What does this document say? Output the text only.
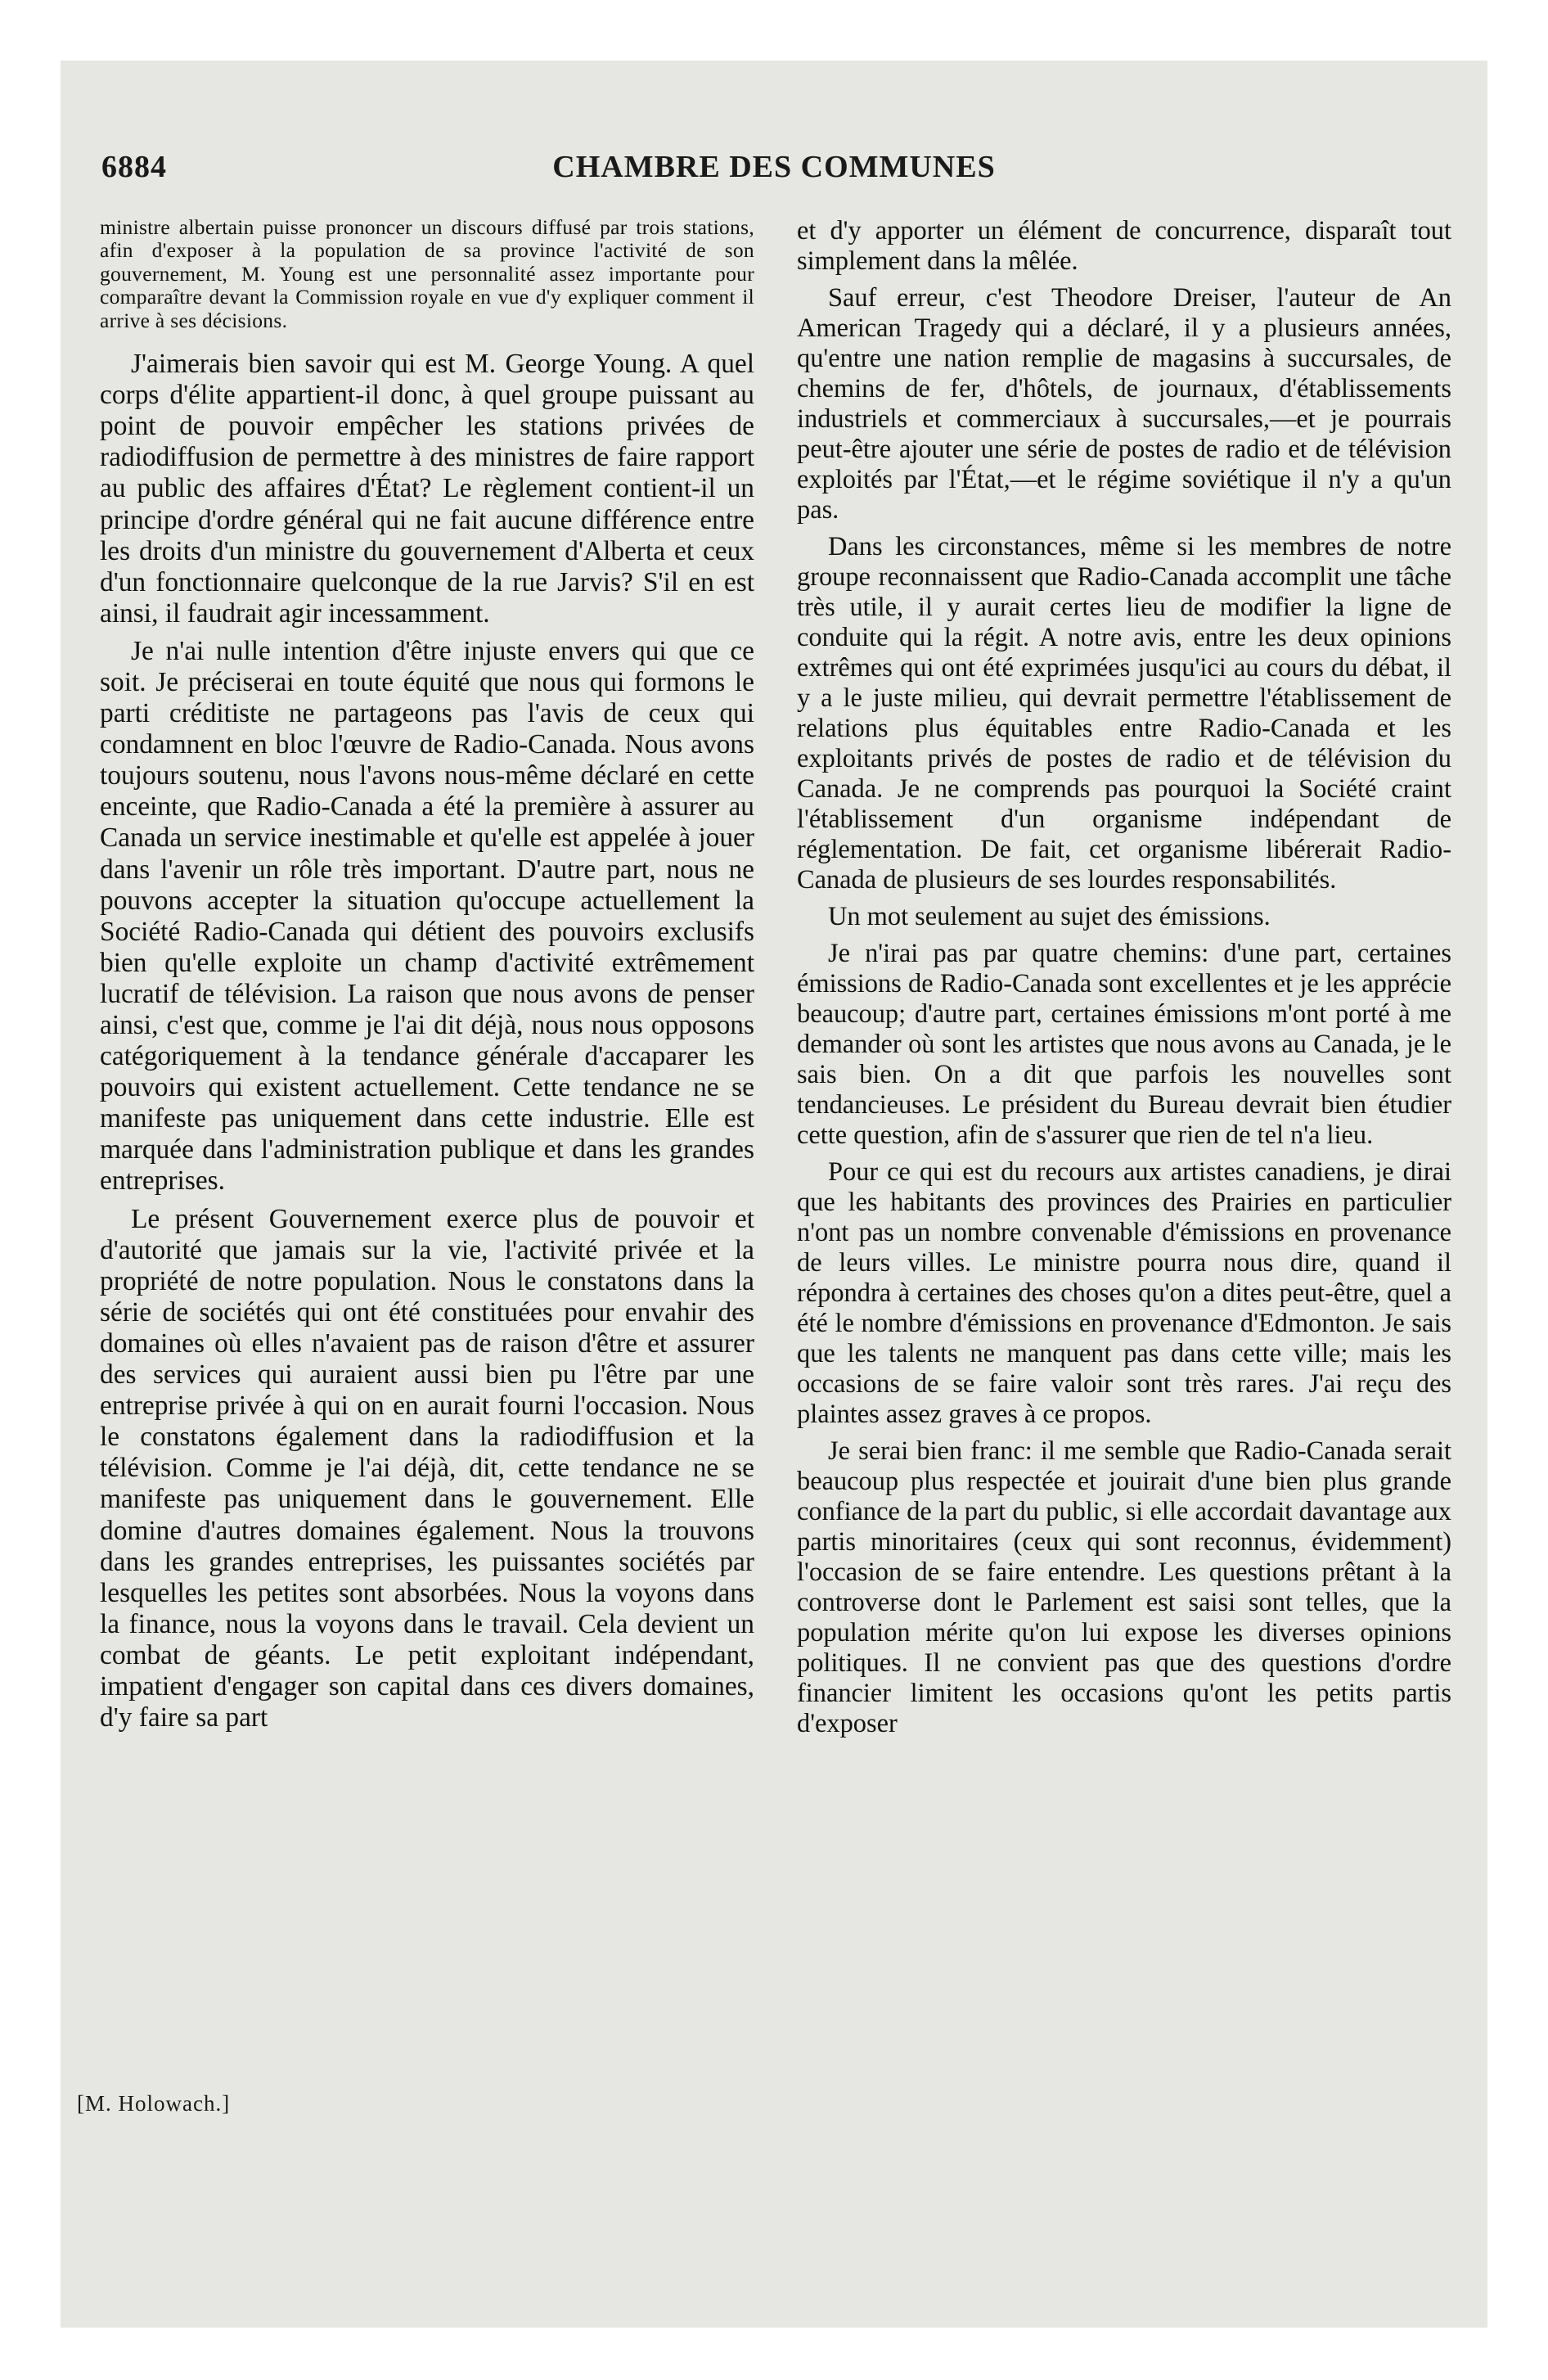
6884	CHAMBRE DES COMMUNES

ministre albertain puisse prononcer un discours diffusé par trois stations, afin d'exposer à la population de sa province l'activité de son gouvernement, M. Young est une personnalité assez importante pour comparaître devant la Commission royale en vue d'y expliquer comment il arrive à ses décisions.

J'aimerais bien savoir qui est M. George Young. A quel corps d'élite appartient-il donc, à quel groupe puissant au point de pouvoir empêcher les stations privées de radiodiffusion de permettre à des ministres de faire rapport au public des affaires d'État? Le règlement contient-il un principe d'ordre général qui ne fait aucune différence entre les droits d'un ministre du gouvernement d'Alberta et ceux d'un fonctionnaire quelconque de la rue Jarvis? S'il en est ainsi, il faudrait agir incessamment.

Je n'ai nulle intention d'être injuste envers qui que ce soit. Je préciserai en toute équité que nous qui formons le parti créditiste ne partageons pas l'avis de ceux qui condamnent en bloc l'œuvre de Radio-Canada. Nous avons toujours soutenu, nous l'avons nous-même déclaré en cette enceinte, que Radio-Canada a été la première à assurer au Canada un service inestimable et qu'elle est appelée à jouer dans l'avenir un rôle très important. D'autre part, nous ne pouvons accepter la situation qu'occupe actuellement la Société Radio-Canada qui détient des pouvoirs exclusifs bien qu'elle exploite un champ d'activité extrêmement lucratif de télévision. La raison que nous avons de penser ainsi, c'est que, comme je l'ai dit déjà, nous nous opposons catégoriquement à la tendance générale d'accaparer les pouvoirs qui existent actuellement. Cette tendance ne se manifeste pas uniquement dans cette industrie. Elle est marquée dans l'administration publique et dans les grandes entreprises.

Le présent Gouvernement exerce plus de pouvoir et d'autorité que jamais sur la vie, l'activité privée et la propriété de notre population. Nous le constatons dans la série de sociétés qui ont été constituées pour envahir des domaines où elles n'avaient pas de raison d'être et assurer des services qui auraient aussi bien pu l'être par une entreprise privée à qui on en aurait fourni l'occasion. Nous le constatons également dans la radiodiffusion et la télévision. Comme je l'ai déjà, dit, cette tendance ne se manifeste pas uniquement dans le gouvernement. Elle domine d'autres domaines également. Nous la trouvons dans les grandes entreprises, les puissantes sociétés par lesquelles les petites sont absorbées. Nous la voyons dans la finance, nous la voyons dans le travail. Cela devient un combat de géants. Le petit exploitant indépendant, impatient d'engager son capital dans ces divers domaines, d'y faire sa part

et d'y apporter un élément de concurrence, disparaît tout simplement dans la mêlée.

Sauf erreur, c'est Theodore Dreiser, l'auteur de An American Tragedy qui a déclaré, il y a plusieurs années, qu'entre une nation remplie de magasins à succursales, de chemins de fer, d'hôtels, de journaux, d'établissements industriels et commerciaux à succursales,—et je pourrais peut-être ajouter une série de postes de radio et de télévision exploités par l'État,—et le régime soviétique il n'y a qu'un pas.

Dans les circonstances, même si les membres de notre groupe reconnaissent que Radio-Canada accomplit une tâche très utile, il y aurait certes lieu de modifier la ligne de conduite qui la régit. A notre avis, entre les deux opinions extrêmes qui ont été exprimées jusqu'ici au cours du débat, il y a le juste milieu, qui devrait permettre l'établissement de relations plus équitables entre Radio-Canada et les exploitants privés de postes de radio et de télévision du Canada. Je ne comprends pas pourquoi la Société craint l'établissement d'un organisme indépendant de réglementation. De fait, cet organisme libérerait Radio-Canada de plusieurs de ses lourdes responsabilités.

Un mot seulement au sujet des émissions.

Je n'irai pas par quatre chemins: d'une part, certaines émissions de Radio-Canada sont excellentes et je les apprécie beaucoup; d'autre part, certaines émissions m'ont porté à me demander où sont les artistes que nous avons au Canada, je le sais bien. On a dit que parfois les nouvelles sont tendancieuses. Le président du Bureau devrait bien étudier cette question, afin de s'assurer que rien de tel n'a lieu.

Pour ce qui est du recours aux artistes canadiens, je dirai que les habitants des provinces des Prairies en particulier n'ont pas un nombre convenable d'émissions en provenance de leurs villes. Le ministre pourra nous dire, quand il répondra à certaines des choses qu'on a dites peut-être, quel a été le nombre d'émissions en provenance d'Edmonton. Je sais que les talents ne manquent pas dans cette ville; mais les occasions de se faire valoir sont très rares. J'ai reçu des plaintes assez graves à ce propos.

Je serai bien franc: il me semble que Radio-Canada serait beaucoup plus respectée et jouirait d'une bien plus grande confiance de la part du public, si elle accordait davantage aux partis minoritaires (ceux qui sont reconnus, évidemment) l'occasion de se faire entendre. Les questions prêtant à la controverse dont le Parlement est saisi sont telles, que la population mérite qu'on lui expose les diverses opinions politiques. Il ne convient pas que des questions d'ordre financier limitent les occasions qu'ont les petits partis d'exposer

[M. Holowach.]
